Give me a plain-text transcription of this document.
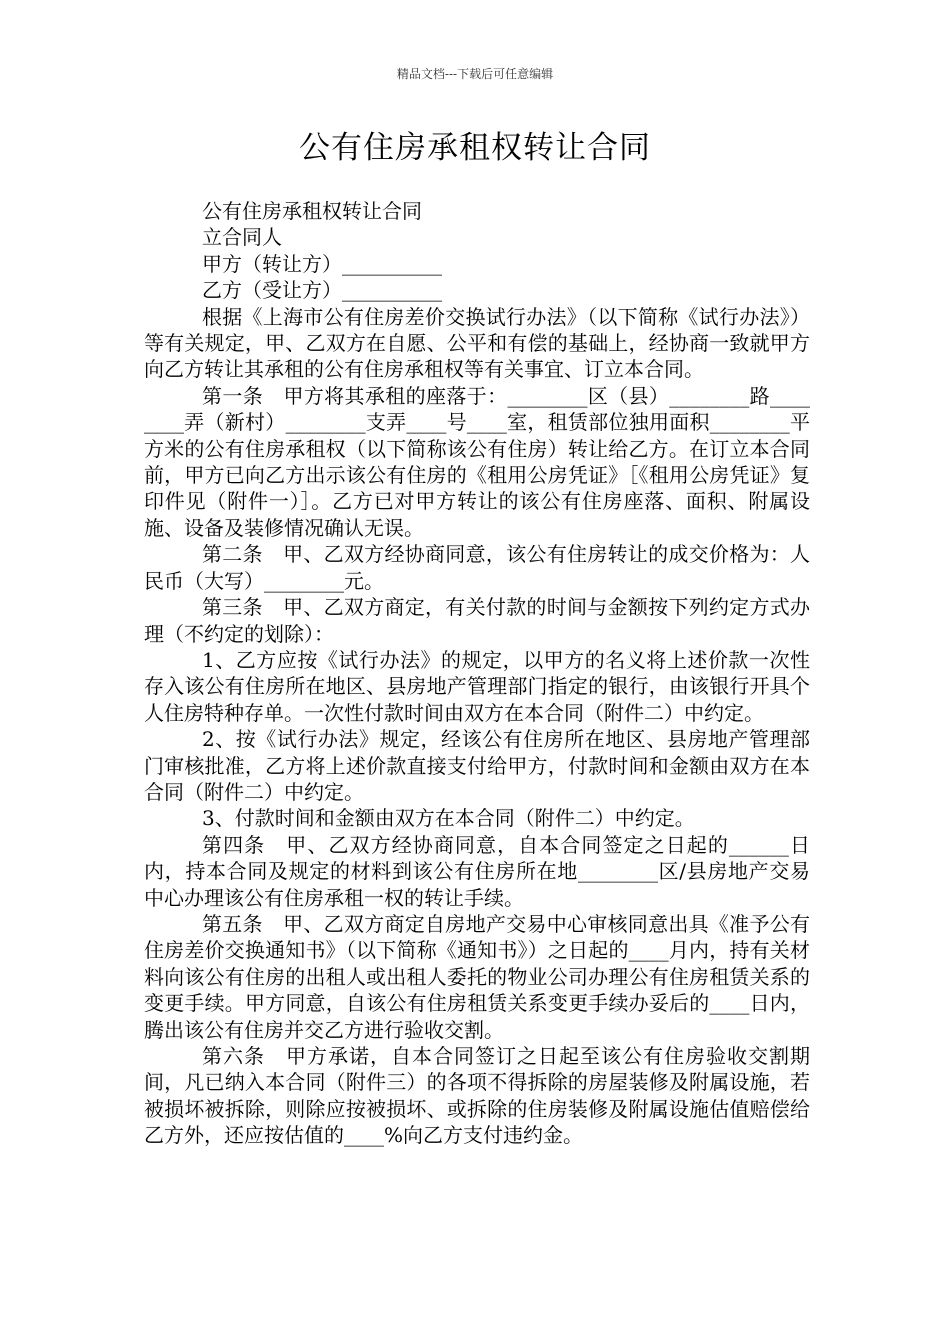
精品文档---下载后可任意编辑
公有住房承租权转让合同

公有住房承租权转让合同

立合同人

甲方（转让方）__________

乙方（受让方）__________

根据《上海市公有住房差价交换试行办法》（以下简称《试行办法》）等有关规定，甲、乙双方在自愿、公平和有偿的基础上，经协商一致就甲方向乙方转让其承租的公有住房承租权等有关事宜、订立本合同。

第一条　甲方将其承租的座落于：________区（县）________路________弄（新村）________支弄____号____室，租赁部位独用面积________平方米的公有住房承租权（以下简称该公有住房）转让给乙方。在订立本合同前，甲方已向乙方出示该公有住房的《租用公房凭证》［《租用公房凭证》复印件见（附件一）］。乙方已对甲方转让的该公有住房座落、面积、附属设施、设备及装修情况确认无误。

第二条　甲、乙双方经协商同意，该公有住房转让的成交价格为：人民币（大写）________元。

第三条　甲、乙双方商定，有关付款的时间与金额按下列约定方式办理（不约定的划除）：

1、乙方应按《试行办法》的规定，以甲方的名义将上述价款一次性存入该公有住房所在地区、县房地产管理部门指定的银行，由该银行开具个人住房特种存单。一次性付款时间由双方在本合同（附件二）中约定。

2、按《试行办法》规定，经该公有住房所在地区、县房地产管理部门审核批准，乙方将上述价款直接支付给甲方，付款时间和金额由双方在本合同（附件二）中约定。

3、付款时间和金额由双方在本合同（附件二）中约定。

第四条　甲、乙双方经协商同意，自本合同签定之日起的______日内，持本合同及规定的材料到该公有住房所在地________区/县房地产交易中心办理该公有住房承租一权的转让手续。

第五条　甲、乙双方商定自房地产交易中心审核同意出具《准予公有住房差价交换通知书》（以下简称《通知书》）之日起的____月内，持有关材料向该公有住房的出租人或出租人委托的物业公司办理公有住房租赁关系的变更手续。甲方同意，自该公有住房租赁关系变更手续办妥后的____日内，腾出该公有住房并交乙方进行验收交割。

第六条　甲方承诺，自本合同签订之日起至该公有住房验收交割期间，凡已纳入本合同（附件三）的各项不得拆除的房屋装修及附属设施，若被损坏被拆除，则除应按被损坏、或拆除的住房装修及附属设施估值赔偿给乙方外，还应按估值的____%向乙方支付违约金。
